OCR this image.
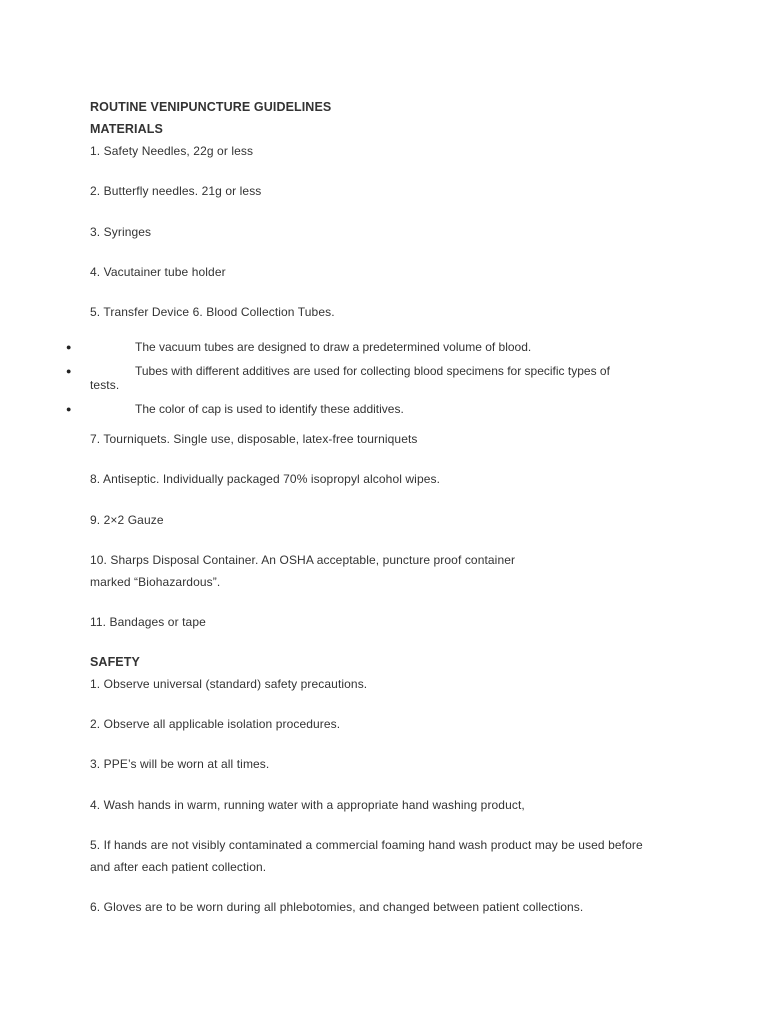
ROUTINE VENIPUNCTURE GUIDELINES
MATERIALS
1. Safety Needles, 22g or less
2. Butterfly needles. 21g or less
3. Syringes
4. Vacutainer tube holder
5. Transfer Device 6. Blood Collection Tubes.
●	The vacuum tubes are designed to draw a predetermined volume of blood.
●	Tubes with different additives are used for collecting blood specimens for specific types of
tests.
●	The color of cap is used to identify these additives.
7. Tourniquets. Single use, disposable, latex-free tourniquets
8. Antiseptic. Individually packaged 70% isopropyl alcohol wipes.
9. 2×2 Gauze
10. Sharps Disposal Container. An OSHA acceptable, puncture proof container
marked “Biohazardous”.
11. Bandages or tape
SAFETY
1. Observe universal (standard) safety precautions.
2. Observe all applicable isolation procedures.
3. PPE’s will be worn at all times.
4. Wash hands in warm, running water with a appropriate hand washing product,
5. If hands are not visibly contaminated a commercial foaming hand wash product may be used before
and after each patient collection.
6. Gloves are to be worn during all phlebotomies, and changed between patient collections.
